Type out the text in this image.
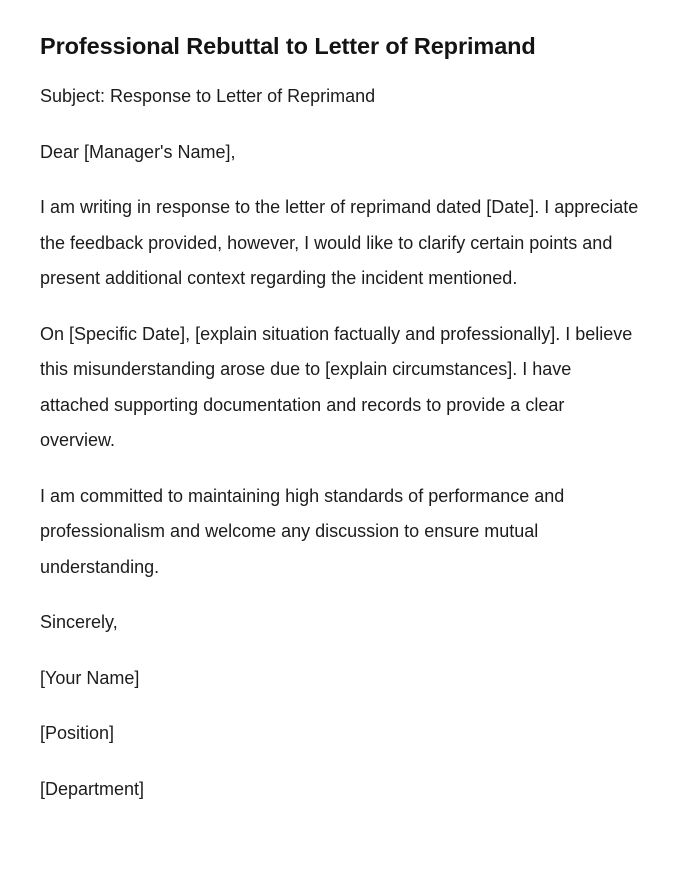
Professional Rebuttal to Letter of Reprimand

Subject: Response to Letter of Reprimand

Dear [Manager's Name],

I am writing in response to the letter of reprimand dated [Date]. I appreciate the feedback provided, however, I would like to clarify certain points and present additional context regarding the incident mentioned.

On [Specific Date], [explain situation factually and professionally]. I believe this misunderstanding arose due to [explain circumstances]. I have attached supporting documentation and records to provide a clear overview.

I am committed to maintaining high standards of performance and professionalism and welcome any discussion to ensure mutual understanding.

Sincerely,

[Your Name]

[Position]

[Department]
